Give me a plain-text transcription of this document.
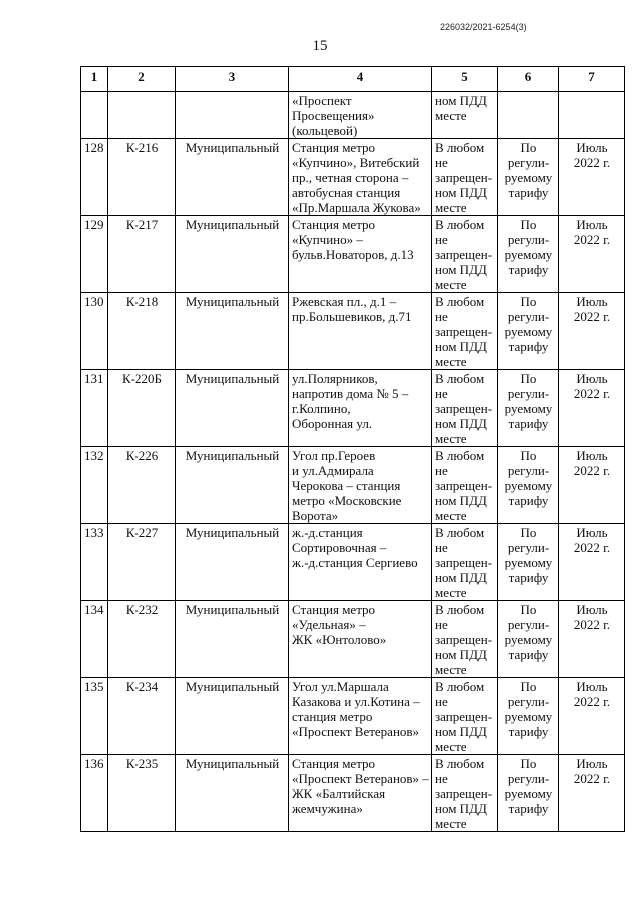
226032/2021-6254(3)
15
1	2	3	4	5	6	7

			«Проспект
Просвещения»
(кольцевой)	ном ПДД
месте		

128	К-216	Муниципальный	Станция метро
«Купчино», Витебский
пр., четная сторона –
автобусная станция
«Пр.Маршала Жукова»	В любом
не
запрещен-
ном ПДД
месте	По
регули-
руемому
тарифу	Июль
2022 г.

129	К-217	Муниципальный	Станция метро
«Купчино» –
бульв.Новаторов, д.13	В любом
не
запрещен-
ном ПДД
месте	По
регули-
руемому
тарифу	Июль
2022 г.

130	К-218	Муниципальный	Ржевская пл., д.1 –
пр.Большевиков, д.71	В любом
не
запрещен-
ном ПДД
месте	По
регули-
руемому
тарифу	Июль
2022 г.

131	К-220Б	Муниципальный	ул.Полярников,
напротив дома № 5 –
г.Колпино,
Оборонная ул.	В любом
не
запрещен-
ном ПДД
месте	По
регули-
руемому
тарифу	Июль
2022 г.

132	К-226	Муниципальный	Угол пр.Героев
и ул.Адмирала
Черокова – станция
метро «Московские
Ворота»	В любом
не
запрещен-
ном ПДД
месте	По
регули-
руемому
тарифу	Июль
2022 г.

133	К-227	Муниципальный	ж.-д.станция
Сортировочная –
ж.-д.станция Сергиево	В любом
не
запрещен-
ном ПДД
месте	По
регули-
руемому
тарифу	Июль
2022 г.

134	К-232	Муниципальный	Станция метро
«Удельная» –
ЖК «Юнтолово»	В любом
не
запрещен-
ном ПДД
месте	По
регули-
руемому
тарифу	Июль
2022 г.

135	К-234	Муниципальный	Угол ул.Маршала
Казакова и ул.Котина –
станция метро
«Проспект Ветеранов»	В любом
не
запрещен-
ном ПДД
месте	По
регули-
руемому
тарифу	Июль
2022 г.

136	К-235	Муниципальный	Станция метро
«Проспект Ветеранов» –
ЖК «Балтийская
жемчужина»	В любом
не
запрещен-
ном ПДД
месте	По
регули-
руемому
тарифу	Июль
2022 г.
